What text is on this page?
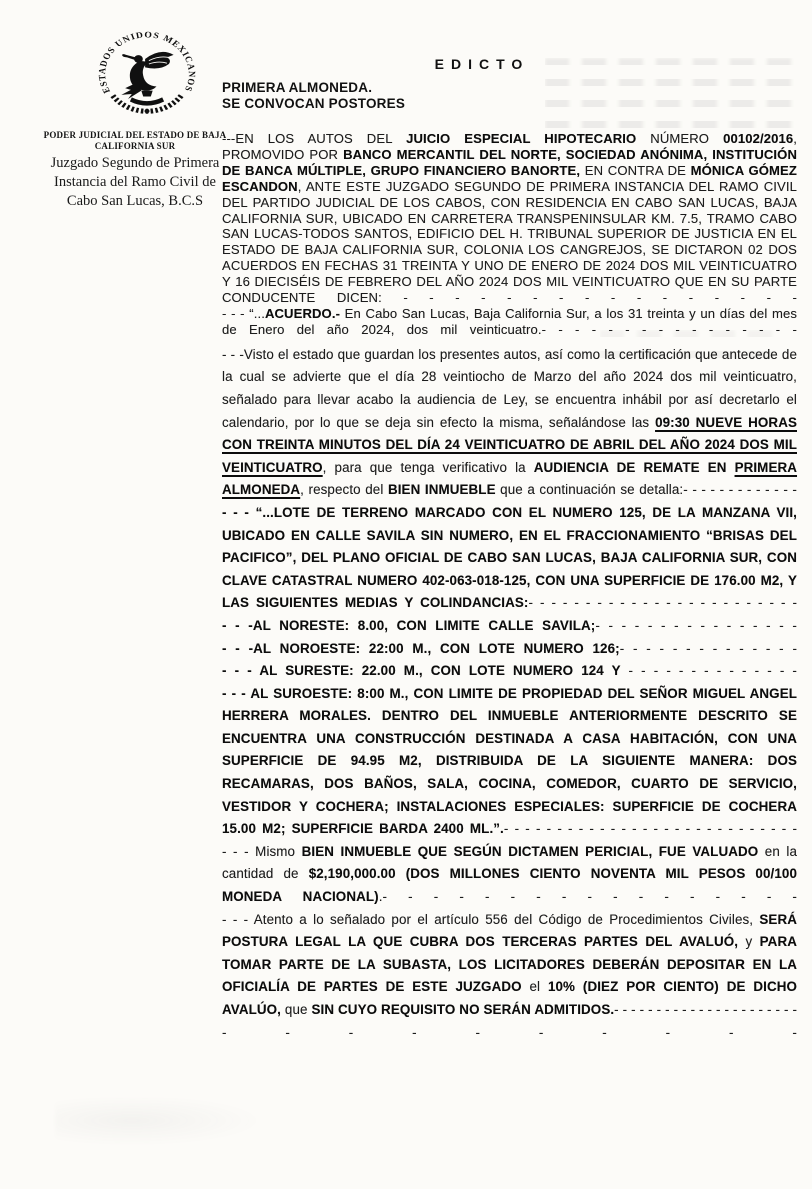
ESTADOS UNIDOS MEXICANOS
PODER JUDICIAL DEL ESTADO DE BAJA
CALIFORNIA SUR
Juzgado Segundo de Primera
Instancia del Ramo Civil de
Cabo San Lucas, B.C.S
EDICTO
PRIMERA ALMONEDA.
SE CONVOCAN POSTORES

---EN LOS AUTOS DEL JUICIO ESPECIAL HIPOTECARIO NÚMERO 00102/2016, PROMOVIDO POR BANCO MERCANTIL DEL NORTE, SOCIEDAD ANÓNIMA, INSTITUCIÓN DE BANCA MÚLTIPLE, GRUPO FINANCIERO BANORTE, EN CONTRA DE MÓNICA GÓMEZ ESCANDON, ANTE ESTE JUZGADO SEGUNDO DE PRIMERA INSTANCIA DEL RAMO CIVIL DEL PARTIDO JUDICIAL DE LOS CABOS, CON RESIDENCIA EN CABO SAN LUCAS, BAJA CALIFORNIA SUR, UBICADO EN CARRETERA TRANSPENINSULAR KM. 7.5, TRAMO CABO SAN LUCAS-TODOS SANTOS, EDIFICIO DEL H. TRIBUNAL SUPERIOR DE JUSTICIA EN EL ESTADO DE BAJA CALIFORNIA SUR, COLONIA LOS CANGREJOS, SE DICTARON 02 DOS ACUERDOS EN FECHAS 31 TREINTA Y UNO DE ENERO DE 2024 DOS MIL VEINTICUATRO Y 16 DIECISÉIS DE FEBRERO DEL AÑO 2024 DOS MIL VEINTICUATRO QUE EN SU PARTE CONDUCENTE DICEN: - - - - - - - - - - - - - - - -

- - - “...ACUERDO.- En Cabo San Lucas, Baja California Sur, a los 31 treinta y un días del mes de Enero del año 2024, dos mil veinticuatro.- - - - - - - - - - - - - - - -

- - -Visto el estado que guardan los presentes autos, así como la certificación que antecede de la cual se advierte que el día 28 veintiocho de Marzo del año 2024 dos mil veinticuatro, señalado para llevar acabo la audiencia de Ley, se encuentra inhábil por así decretarlo el calendario, por lo que se deja sin efecto la misma, señalándose las 09:30 NUEVE HORAS CON TREINTA MINUTOS DEL DÍA 24 VEINTICUATRO DE ABRIL DEL AÑO 2024 DOS MIL VEINTICUATRO, para que tenga verificativo la AUDIENCIA DE REMATE EN PRIMERA ALMONEDA, respecto del BIEN INMUEBLE que a continuación se detalla:- - - - - - - - - - - - -

- - - “...LOTE DE TERRENO MARCADO CON EL NUMERO 125, DE LA MANZANA VII, UBICADO EN CALLE SAVILA SIN NUMERO, EN EL FRACCIONAMIENTO “BRISAS DEL PACIFICO”, DEL PLANO OFICIAL DE CABO SAN LUCAS, BAJA CALIFORNIA SUR, CON CLAVE CATASTRAL NUMERO 402-063-018-125, CON UNA SUPERFICIE DE 176.00 M2, Y LAS SIGUIENTES MEDIAS Y COLINDANCIAS:- - - - - - - - - - - - - - - - - - - - - - - -

- - -AL NORESTE: 8.00, CON LIMITE CALLE SAVILA;- - - - - - - - - - - - - - - -

- - -AL NOROESTE: 22:00 M., CON LOTE NUMERO 126;- - - - - - - - - - - - - -

- - - AL SURESTE: 22.00 M., CON LOTE NUMERO 124 Y - - - - - - - - - - - - - -

- - - AL SUROESTE: 8:00 M., CON LIMITE DE PROPIEDAD DEL SEÑOR MIGUEL ANGEL HERRERA MORALES. DENTRO DEL INMUEBLE ANTERIORMENTE DESCRITO SE ENCUENTRA UNA CONSTRUCCIÓN DESTINADA A CASA HABITACIÓN, CON UNA SUPERFICIE DE 94.95 M2, DISTRIBUIDA DE LA SIGUIENTE MANERA: DOS RECAMARAS, DOS BAÑOS, SALA, COCINA, COMEDOR, CUARTO DE SERVICIO, VESTIDOR Y COCHERA; INSTALACIONES ESPECIALES: SUPERFICIE DE COCHERA 15.00 M2; SUPERFICIE BARDA 2400 ML.”.- - - - - - - - - - - - - - - - - - - - - - - - - - - -

- - - Mismo BIEN INMUEBLE QUE SEGÚN DICTAMEN PERICIAL, FUE VALUADO en la cantidad de $2,190,000.00 (DOS MILLONES CIENTO NOVENTA MIL PESOS 00/100 MONEDA NACIONAL).- - - - - - - - - - - - - - - - -

- - - Atento a lo señalado por el artículo 556 del Código de Procedimientos Civiles, SERÁ POSTURA LEGAL LA QUE CUBRA DOS TERCERAS PARTES DEL AVALUÓ, y PARA TOMAR PARTE DE LA SUBASTA, LOS LICITADORES DEBERÁN DEPOSITAR EN LA OFICIALÍA DE PARTES DE ESTE JUZGADO el 10% (DIEZ POR CIENTO) DE DICHO AVALÚO, que SIN CUYO REQUISITO NO SERÁN ADMITIDOS.- - - - - - - - - - - - - - - - - - - - - - - - - - - - - - - -
